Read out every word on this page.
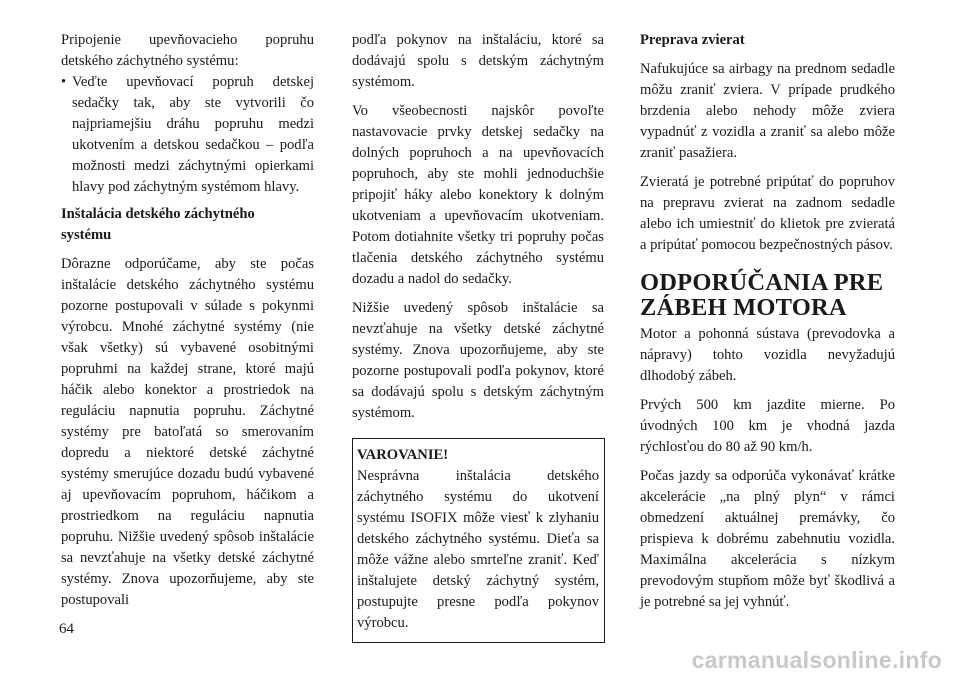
Pripojenie upevňovacieho popruhu detského záchytného systému:

• Veďte upevňovací popruh detskej sedačky tak, aby ste vytvorili čo najpriamejšiu dráhu popruhu medzi ukotvením a detskou sedačkou – podľa možnosti medzi záchytnými opierkami hlavy pod záchytným systémom hlavy.

Inštalácia detského záchytného systému

Dôrazne odporúčame, aby ste počas inštalácie detského záchytného systému pozorne postupovali v súlade s pokynmi výrobcu. Mnohé záchytné systémy (nie však všetky) sú vybavené osobitnými popruhmi na každej strane, ktoré majú háčik alebo konektor a prostriedok na reguláciu napnutia popruhu. Záchytné systémy pre batoľatá so smerovaním dopredu a niektoré detské záchytné systémy smerujúce dozadu budú vybavené aj upevňovacím popruhom, háčikom a prostriedkom na reguláciu napnutia popruhu. Nižšie uvedený spôsob inštalácie sa nevzťahuje na všetky detské záchytné systémy. Znova upozorňujeme, aby ste postupovali

podľa pokynov na inštaláciu, ktoré sa dodávajú spolu s detským záchytným systémom.

Vo všeobecnosti najskôr povoľte nastavovacie prvky detskej sedačky na dolných popruhoch a na upevňovacích popruhoch, aby ste mohli jednoduchšie pripojiť háky alebo konektory k dolným ukotveniam a upevňovacím ukotveniam. Potom dotiahnite všetky tri popruhy počas tlačenia detského záchytného systému dozadu a nadol do sedačky.

Nižšie uvedený spôsob inštalácie sa nevzťahuje na všetky detské záchytné systémy. Znova upozorňujeme, aby ste pozorne postupovali podľa pokynov, ktoré sa dodávajú spolu s detským záchytným systémom.

VAROVANIE!

Nesprávna inštalácia detského záchytného systému do ukotvení systému ISOFIX môže viesť k zlyhaniu detského záchytného systému. Dieťa sa môže vážne alebo smrteľne zraniť. Keď inštalujete detský záchytný systém, postupujte presne podľa pokynov výrobcu.

Preprava zvierat

Nafukujúce sa airbagy na prednom sedadle môžu zraniť zviera. V prípade prudkého brzdenia alebo nehody môže zviera vypadnúť z vozidla a zraniť sa alebo môže zraniť pasažiera.

Zvieratá je potrebné pripútať do popruhov na prepravu zvierat na zadnom sedadle alebo ich umiestniť do klietok pre zvieratá a pripútať pomocou bezpečnostných pásov.

ODPORÚČANIA PRE
ZÁBEH MOTORA

Motor a pohonná sústava (prevodovka a nápravy) tohto vozidla nevyžadujú dlhodobý zábeh.

Prvých 500 km jazdite mierne. Po úvodných 100 km je vhodná jazda rýchlosťou do 80 až 90 km/h.

Počas jazdy sa odporúča vykonávať krátke akcelerácie „na plný plyn“ v rámci obmedzení aktuálnej premávky, čo prispieva k dobrému zabehnutiu vozidla. Maximálna akcelerácia s nízkym prevodovým stupňom môže byť škodlivá a je potrebné sa jej vyhnúť.

64
carmanualsonline.info
